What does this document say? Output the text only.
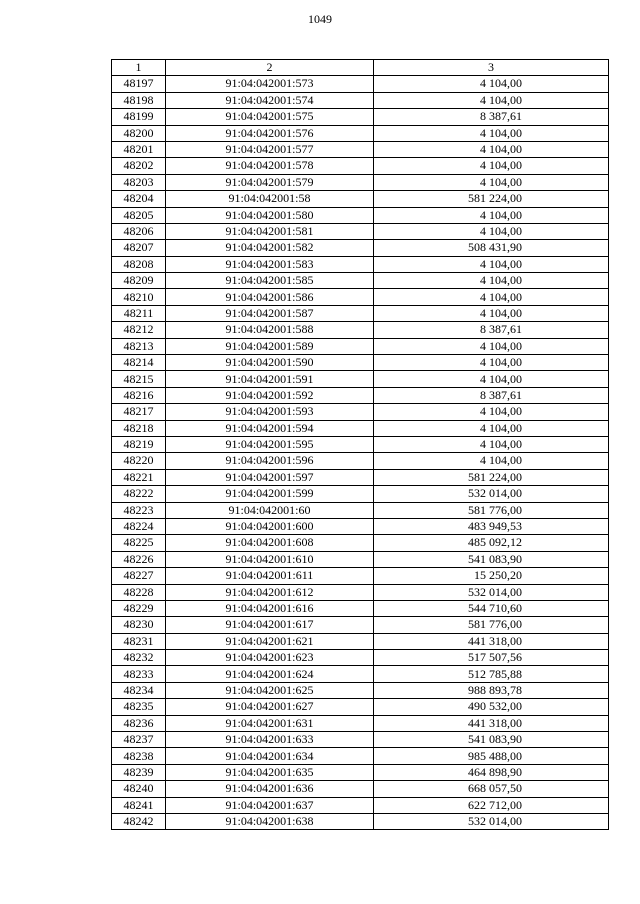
1049
1	2	3
48197	91:04:042001:573	4 104,00
48198	91:04:042001:574	4 104,00
48199	91:04:042001:575	8 387,61
48200	91:04:042001:576	4 104,00
48201	91:04:042001:577	4 104,00
48202	91:04:042001:578	4 104,00
48203	91:04:042001:579	4 104,00
48204	91:04:042001:58	581 224,00
48205	91:04:042001:580	4 104,00
48206	91:04:042001:581	4 104,00
48207	91:04:042001:582	508 431,90
48208	91:04:042001:583	4 104,00
48209	91:04:042001:585	4 104,00
48210	91:04:042001:586	4 104,00
48211	91:04:042001:587	4 104,00
48212	91:04:042001:588	8 387,61
48213	91:04:042001:589	4 104,00
48214	91:04:042001:590	4 104,00
48215	91:04:042001:591	4 104,00
48216	91:04:042001:592	8 387,61
48217	91:04:042001:593	4 104,00
48218	91:04:042001:594	4 104,00
48219	91:04:042001:595	4 104,00
48220	91:04:042001:596	4 104,00
48221	91:04:042001:597	581 224,00
48222	91:04:042001:599	532 014,00
48223	91:04:042001:60	581 776,00
48224	91:04:042001:600	483 949,53
48225	91:04:042001:608	485 092,12
48226	91:04:042001:610	541 083,90
48227	91:04:042001:611	15 250,20
48228	91:04:042001:612	532 014,00
48229	91:04:042001:616	544 710,60
48230	91:04:042001:617	581 776,00
48231	91:04:042001:621	441 318,00
48232	91:04:042001:623	517 507,56
48233	91:04:042001:624	512 785,88
48234	91:04:042001:625	988 893,78
48235	91:04:042001:627	490 532,00
48236	91:04:042001:631	441 318,00
48237	91:04:042001:633	541 083,90
48238	91:04:042001:634	985 488,00
48239	91:04:042001:635	464 898,90
48240	91:04:042001:636	668 057,50
48241	91:04:042001:637	622 712,00
48242	91:04:042001:638	532 014,00
